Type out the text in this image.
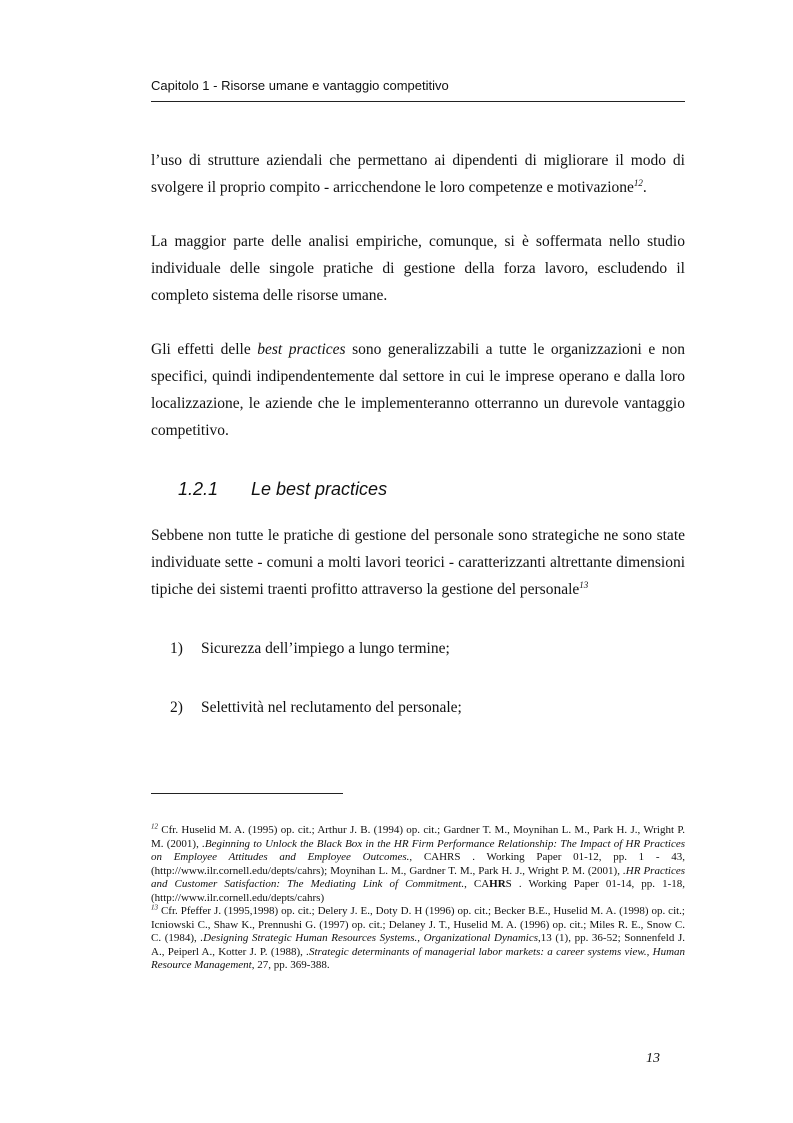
Capitolo 1 - Risorse umane e vantaggio competitivo

l’uso di strutture aziendali che permettano ai dipendenti di migliorare il modo di svolgere il proprio compito - arricchendone le loro competenze e motivazione$^{12}$.

La maggior parte delle analisi empiriche, comunque, si è soffermata nello studio individuale delle singole pratiche di gestione della forza lavoro, escludendo il completo sistema delle risorse umane.

Gli effetti delle best practices sono generalizzabili a tutte le organizzazioni e non specifici, quindi indipendentemente dal settore in cui le imprese operano e dalla loro localizzazione, le aziende che le implementeranno otterranno un durevole vantaggio competitivo.

1.2.1 Le best practices

Sebbene non tutte le pratiche di gestione del personale sono strategiche ne sono state individuate sette - comuni a molti lavori teorici - caratterizzanti altrettante dimensioni tipiche dei sistemi traenti profitto attraverso la gestione del personale$^{13}$

1) Sicurezza dell’impiego a lungo termine;
2) Selettività nel reclutamento del personale;

$^{12}$ Cfr. Huselid M. A. (1995) op. cit.; Arthur J. B. (1994) op. cit.; Gardner T. M., Moynihan L. M., Park H. J., Wright P. M. (2001), .Beginning to Unlock the Black Box in the HR Firm Performance Relationship: The Impact of HR Practices on Employee Attitudes and Employee Outcomes., CAHRS . Working Paper 01-12, pp. 1 - 43, (http://www.ilr.cornell.edu/depts/cahrs); Moynihan L. M., Gardner T. M., Park H. J., Wright P. M. (2001), .HR Practices and Customer Satisfaction: The Mediating Link of Commitment., CAHRS . Working Paper 01-14, pp. 1-18, (http://www.ilr.cornell.edu/depts/cahrs)

$^{13}$ Cfr. Pfeffer J. (1995,1998) op. cit.; Delery J. E., Doty D. H (1996) op. cit.; Becker B.E., Huselid M. A. (1998) op. cit.; Icniowski C., Shaw K., Prennushi G. (1997) op. cit.; Delaney J. T., Huselid M. A. (1996) op. cit.; Miles R. E., Snow C. C. (1984), .Designing Strategic Human Resources Systems., Organizational Dynamics,13 (1), pp. 36-52; Sonnenfeld J. A., Peiperl A., Kotter J. P. (1988), .Strategic determinants of managerial labor markets: a career systems view., Human Resource Management, 27, pp. 369-388.

13
